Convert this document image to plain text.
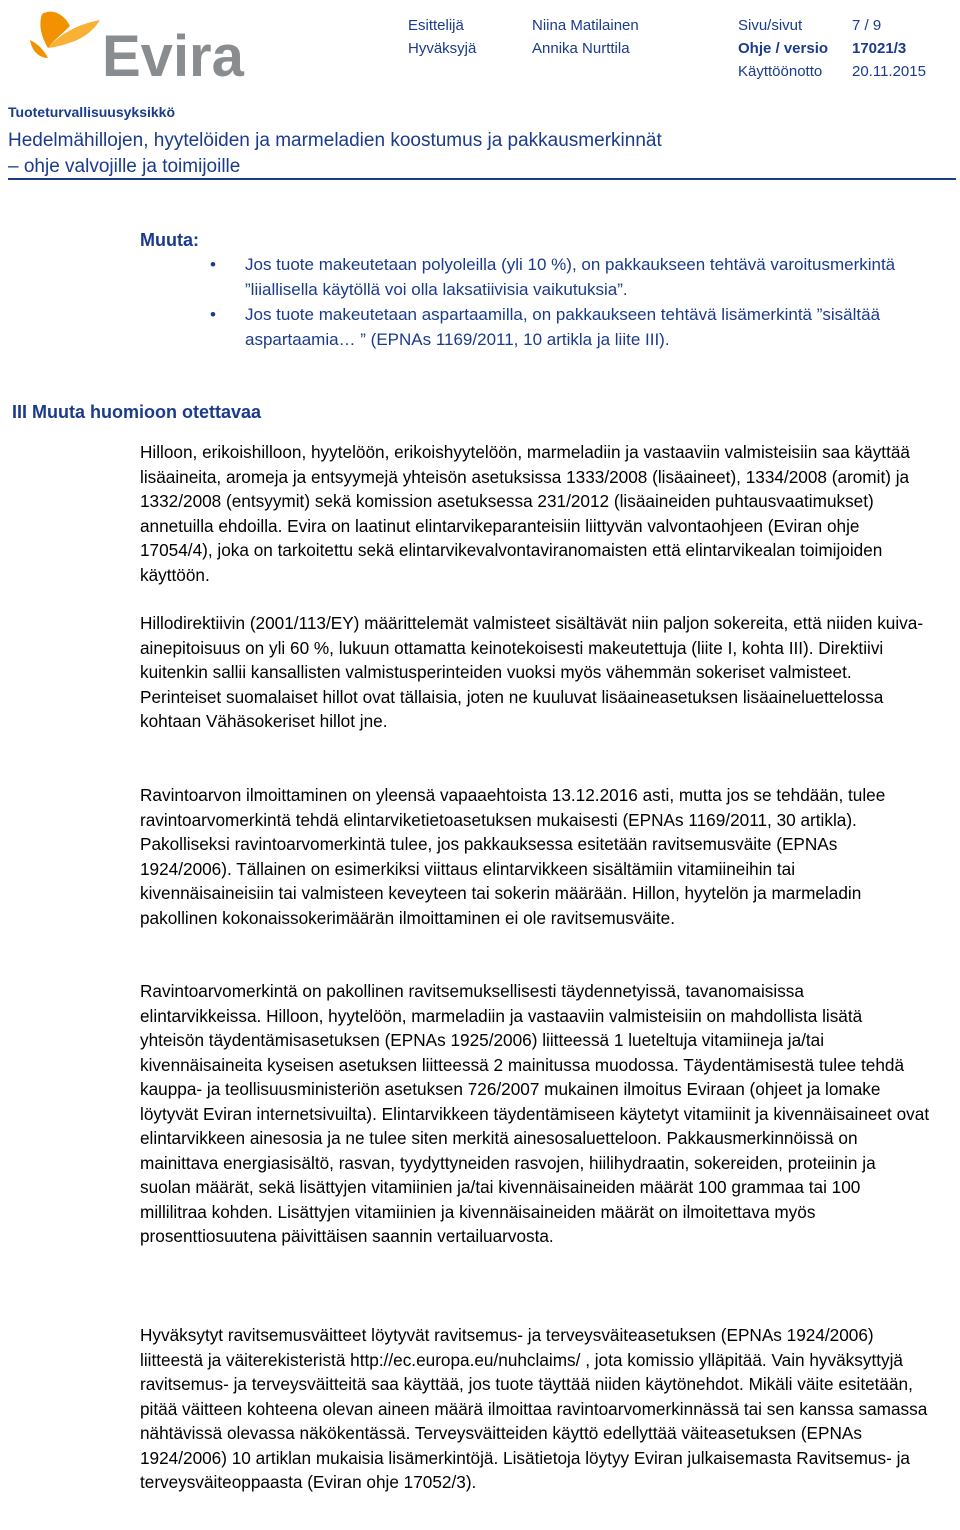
Evira	Esittelijä
Hyväksyjä
Niina Matilainen
Annika Nurttila
Sivu/sivut
Ohje / versio
Käyttöönotto
7 / 9
17021/3
20.11.2015
Tuoteturvallisuusyksikkö
Hedelmähillojen, hyytelöiden ja marmeladien koostumus ja pakkausmerkinnät
– ohje valvojille ja toimijoille
Muuta:
• Jos tuote makeutetaan polyoleilla (yli 10 %), on pakkaukseen tehtävä varoitusmerkintä ”liiallisella käytöllä voi olla laksatiivisia vaikutuksia”.
• Jos tuote makeutetaan aspartaamilla, on pakkaukseen tehtävä lisämerkintä ”sisältää aspartaamia… ” (EPNAs 1169/2011, 10 artikla ja liite III).
III Muuta huomioon otettavaa

Hilloon, erikoishilloon, hyytelöön, erikoishyytelöön, marmeladiin ja vastaaviin valmisteisiin saa käyttää lisäaineita, aromeja ja entsyymejä yhteisön asetuksissa 1333/2008 (lisäaineet), 1334/2008 (aromit) ja 1332/2008 (entsyymit) sekä komission asetuksessa 231/2012 (lisäaineiden puhtausvaatimukset) annetuilla ehdoilla. Evira on laatinut elintarvikeparanteisiin liittyvän valvontaohjeen (Eviran ohje 17054/4), joka on tarkoitettu sekä elintarvikevalvontaviranomaisten että elintarvikealan toimijoiden käyttöön.

Hillodirektiivin (2001/113/EY) määrittelemät valmisteet sisältävät niin paljon sokereita, että niiden kuiva-ainepitoisuus on yli 60 %, lukuun ottamatta keinotekoisesti makeutettuja (liite I, kohta III). Direktiivi kuitenkin sallii kansallisten valmistusperinteiden vuoksi myös vähemmän sokeriset valmisteet. Perinteiset suomalaiset hillot ovat tällaisia, joten ne kuuluvat lisäaineasetuksen lisäaineluettelossa kohtaan Vähäsokeriset hillot jne.

Ravintoarvon ilmoittaminen on yleensä vapaaehtoista 13.12.2016 asti, mutta jos se tehdään, tulee ravintoarvomerkintä tehdä elintarviketietoasetuksen mukaisesti (EPNAs 1169/2011, 30 artikla). Pakolliseksi ravintoarvomerkintä tulee, jos pakkauksessa esitetään ravitsemusväite (EPNAs 1924/2006). Tällainen on esimerkiksi viittaus elintarvikkeen sisältämiin vitamiineihin tai kivennäisaineisiin tai valmisteen keveyteen tai sokerin määrään. Hillon, hyytelön ja marmeladin pakollinen kokonaissokerimäärän ilmoittaminen ei ole ravitsemusväite.

Ravintoarvomerkintä on pakollinen ravitsemuksellisesti täydennetyissä, tavanomaisissa elintarvikkeissa. Hilloon, hyytelöön, marmeladiin ja vastaaviin valmisteisiin on mahdollista lisätä yhteisön täydentämisasetuksen (EPNAs 1925/2006) liitteessä 1 lueteltuja vitamiineja ja/tai kivennäisaineita kyseisen asetuksen liitteessä 2 mainitussa muodossa. Täydentämisestä tulee tehdä kauppa- ja teollisuusministeriön asetuksen 726/2007 mukainen ilmoitus Eviraan (ohjeet ja lomake löytyvät Eviran internetsivuilta). Elintarvikkeen täydentämiseen käytetyt vitamiinit ja kivennäisaineet ovat elintarvikkeen ainesosia ja ne tulee siten merkitä ainesosaluetteloon. Pakkausmerkinnöissä on mainittava energiasisältö, rasvan, tyydyttyneiden rasvojen, hiilihydraatin, sokereiden, proteiinin ja suolan määrät, sekä lisättyjen vitamiinien ja/tai kivennäisaineiden määrät 100 grammaa tai 100 millilitraa kohden. Lisättyjen vitamiinien ja kivennäisaineiden määrät on ilmoitettava myös prosenttiosuutena päivittäisen saannin vertailuarvosta.

Hyväksytyt ravitsemusväitteet löytyvät ravitsemus- ja terveysväiteasetuksen (EPNAs 1924/2006) liitteestä ja väiterekisteristä http://ec.europa.eu/nuhclaims/ , jota komissio ylläpitää. Vain hyväksyttyjä ravitsemus- ja terveysväitteitä saa käyttää, jos tuote täyttää niiden käytönehdot. Mikäli väite esitetään, pitää väitteen kohteena olevan aineen määrä ilmoittaa ravintoarvomerkinnässä tai sen kanssa samassa nähtävissä olevassa näkökentässä. Terveysväitteiden käyttö edellyttää väiteasetuksen (EPNAs 1924/2006) 10 artiklan mukaisia lisämerkintöjä. Lisätietoja löytyy Eviran julkaisemasta Ravitsemus- ja terveysväiteoppaasta (Eviran ohje 17052/3).
